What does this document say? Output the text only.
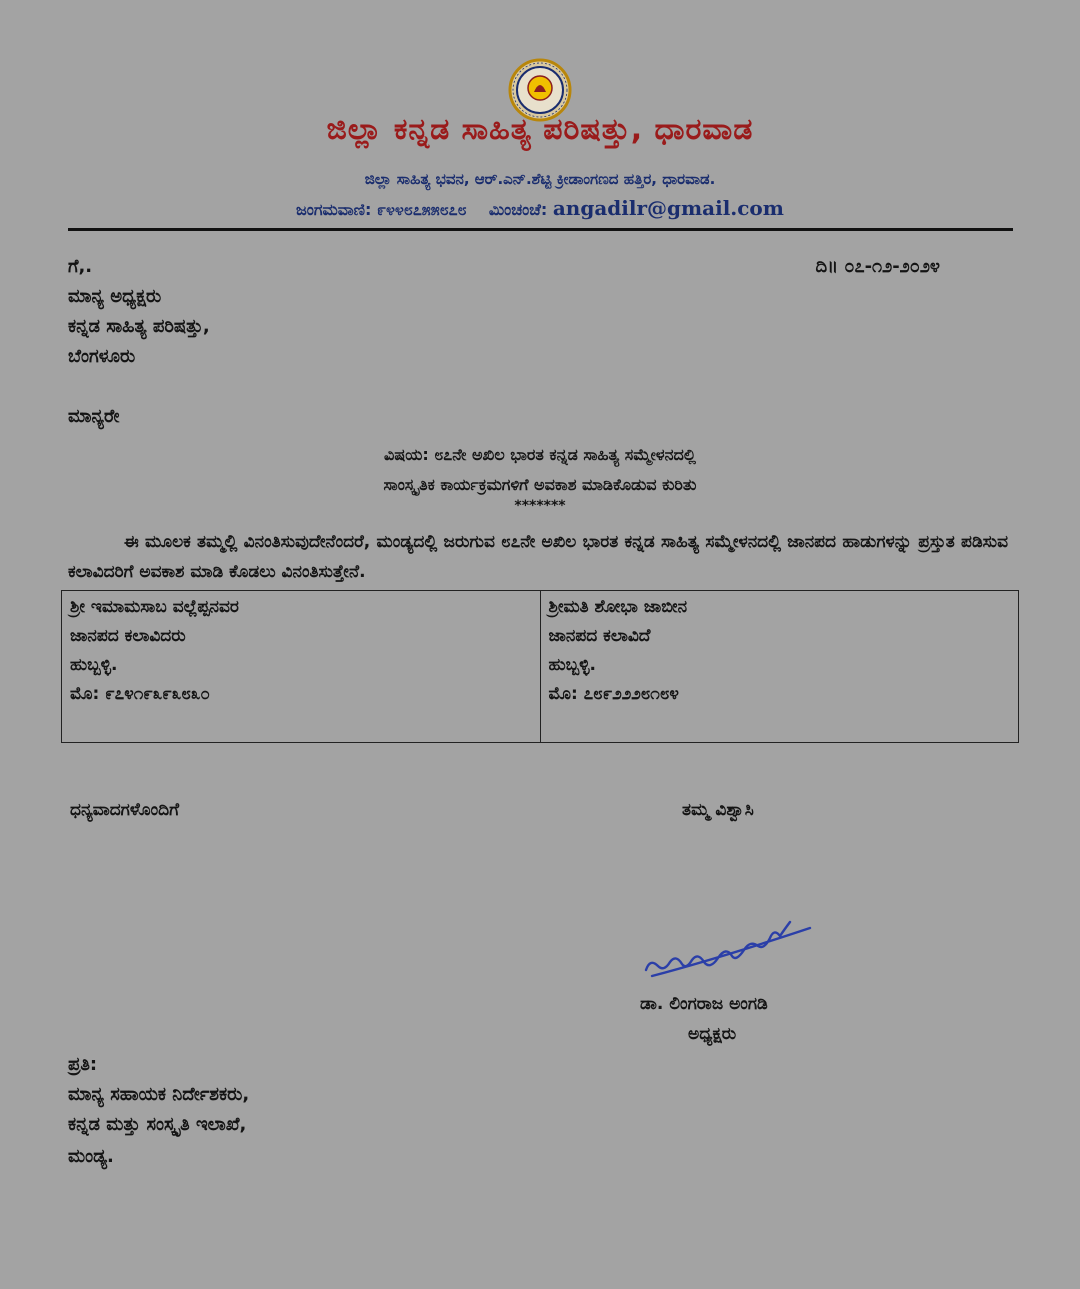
ಜಿಲ್ಲಾ ಕನ್ನಡ ಸಾಹಿತ್ಯ ಪರಿಷತ್ತು, ಧಾರವಾಡ
ಜಿಲ್ಲಾ ಸಾಹಿತ್ಯ ಭವನ, ಆರ್.ಎನ್.ಶೆಟ್ಟಿ ಕ್ರೀಡಾಂಗಣದ ಹತ್ತಿರ, ಧಾರವಾಡ.
ಜಂಗಮವಾಣಿ: ೯೪೪೮೭೫೫೮೭೮ ಮಿಂಚಂಚೆ: angadilr@gmail.com
ಗೆ,.	ದಿ॥ ೦೭-೧೨-೨೦೨೪
ಮಾನ್ಯ ಅಧ್ಯಕ್ಷರು
ಕನ್ನಡ ಸಾಹಿತ್ಯ ಪರಿಷತ್ತು,
ಬೆಂಗಳೂರು
ಮಾನ್ಯರೇ
ವಿಷಯ: ೮೭ನೇ ಅಖಿಲ ಭಾರತ ಕನ್ನಡ ಸಾಹಿತ್ಯ ಸಮ್ಮೇಳನದಲ್ಲಿ
ಸಾಂಸ್ಕೃತಿಕ ಕಾರ್ಯಕ್ರಮಗಳಿಗೆ ಅವಕಾಶ ಮಾಡಿಕೊಡುವ ಕುರಿತು
*******
ಈ ಮೂಲಕ ತಮ್ಮಲ್ಲಿ ವಿನಂತಿಸುವುದೇನೆಂದರೆ, ಮಂಡ್ಯದಲ್ಲಿ ಜರುಗುವ ೮೭ನೇ ಅಖಿಲ ಭಾರತ ಕನ್ನಡ ಸಾಹಿತ್ಯ ಸಮ್ಮೇಳನದಲ್ಲಿ ಜಾನಪದ ಹಾಡುಗಳನ್ನು ಪ್ರಸ್ತುತ ಪಡಿಸುವ ಕಲಾವಿದರಿಗೆ ಅವಕಾಶ ಮಾಡಿ ಕೊಡಲು ವಿನಂತಿಸುತ್ತೇನೆ.
ಶ್ರೀ ಇಮಾಮಸಾಬ ವಲ್ಲೆಪ್ಪನವರ
ಜಾನಪದ ಕಲಾವಿದರು
ಹುಬ್ಬಳ್ಳಿ.
ಮೊ: ೯೭೪೧೯೩೯೩೮೩೦

ಶ್ರೀಮತಿ ಶೋಭಾ ಜಾಬೀನ
ಜಾನಪದ ಕಲಾವಿದೆ
ಹುಬ್ಬಳ್ಳಿ.
ಮೊ: ೭೮೯೨೨೨೮೧೮೪
ಧನ್ಯವಾದಗಳೊಂದಿಗೆ	ತಮ್ಮ ವಿಶ್ವಾಸಿ
ಡಾ. ಲಿಂಗರಾಜ ಅಂಗಡಿ
ಅಧ್ಯಕ್ಷರು
ಪ್ರತಿ:
ಮಾನ್ಯ ಸಹಾಯಕ ನಿರ್ದೇಶಕರು,
ಕನ್ನಡ ಮತ್ತು ಸಂಸ್ಕೃತಿ ಇಲಾಖೆ,
ಮಂಡ್ಯ.
